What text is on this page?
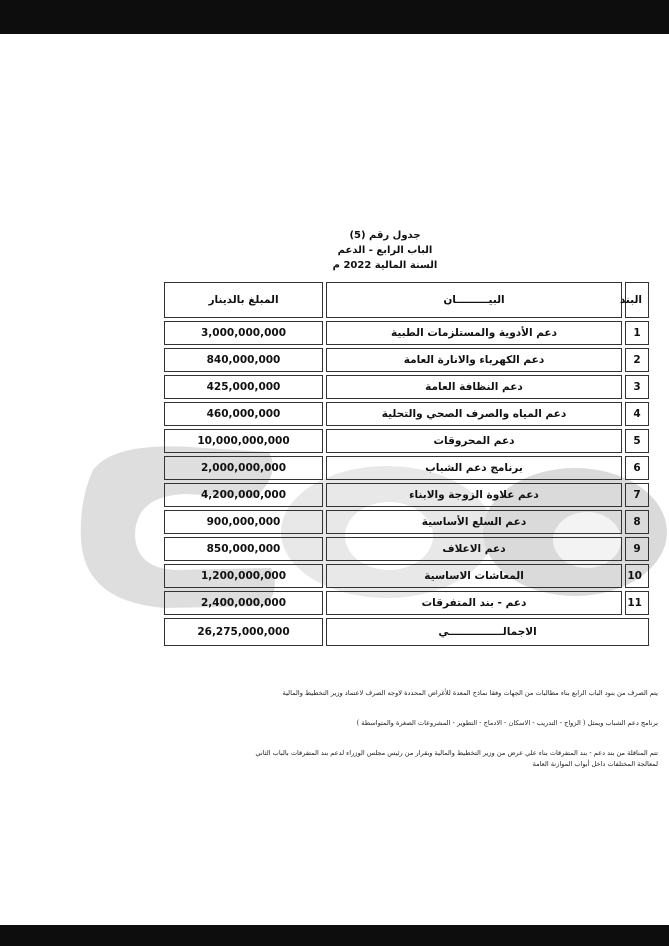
جدول رقم (5)
الباب الرابع - الدعم
السنة المالية 2022 م
البند	البيـــــــــان	المبلغ بالدينار
1	دعم الأدوية والمستلزمات الطبية	3,000,000,000
2	دعم الكهرباء والانارة العامة	840,000,000
3	دعم النظافة العامة	425,000,000
4	دعم المياه والصرف الصحي والتحلية	460,000,000
5	دعم المحروقات	10,000,000,000
6	برنامج دعم الشباب	2,000,000,000
7	دعم علاوة الزوجة والابناء	4,200,000,000
8	دعم السلع الأساسية	900,000,000
9	دعم الاعلاف	850,000,000
10	المعاشات الاساسية	1,200,000,000
11	دعم - بند المتفرقات	2,400,000,000
الاجمالـــــــــــــــي		26,275,000,000

يتم الصرف من بنود الباب الرابع بناء مطالبات من الجهات وفقا نماذج المعدة للأغراض المحددة لاوجه الصرف لاعتماد وزير التخطيط والمالية

برنامج دعم الشباب ويمثل ( الزواج - التدريب - الاسكان - الادماج - التطوير - المشروعات الصغرة والمتواسطة )

تتم المناقلة من بند دعم - بند المتفرقات بناء علي عرض من وزير التخطيط والمالية وبقرار من رئيس مجلس الوزراء لدعم بند المتفرقات بالباب الثاني

لمعالجة المختلفات داخل أبواب الموازنة العامة
